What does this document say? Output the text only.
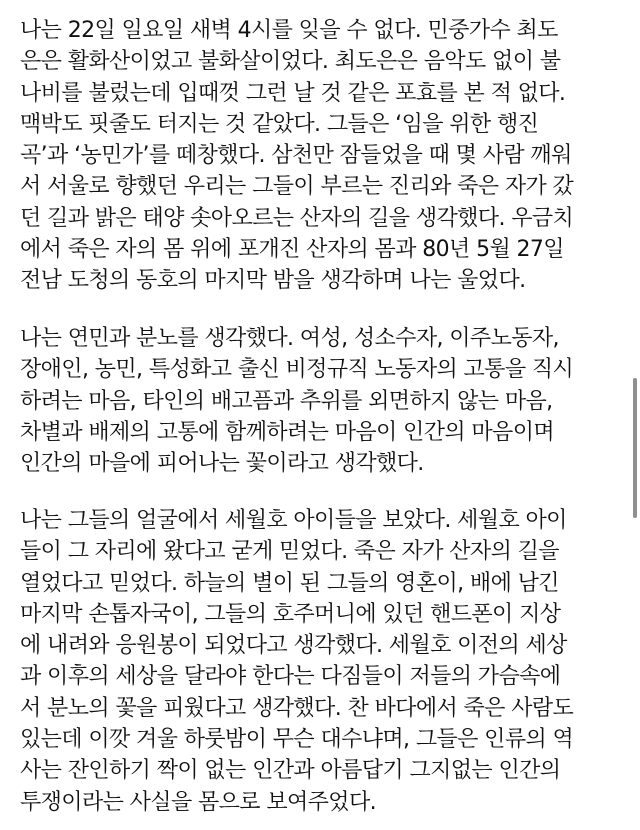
나는 22일 일요일 새벽 4시를 잊을 수 없다. 민중가수 최도
은은 활화산이었고 불화살이었다. 최도은은 음악도 없이 불
나비를 불렀는데 입때껏 그런 날 것 같은 포효를 본 적 없다.
맥박도 핏줄도 터지는 것 같았다. 그들은 ‘임을 위한 행진
곡’과 ‘농민가’를 떼창했다. 삼천만 잠들었을 때 몇 사람 깨워
서 서울로 향했던 우리는 그들이 부르는 진리와 죽은 자가 갔
던 길과 밝은 태양 솟아오르는 산자의 길을 생각했다. 우금치
에서 죽은 자의 몸 위에 포개진 산자의 몸과 80년 5월 27일
전남 도청의 동호의 마지막 밤을 생각하며 나는 울었다.
나는 연민과 분노를 생각했다. 여성, 성소수자, 이주노동자,
장애인, 농민, 특성화고 출신 비정규직 노동자의 고통을 직시
하려는 마음, 타인의 배고픔과 추위를 외면하지 않는 마음,
차별과 배제의 고통에 함께하려는 마음이 인간의 마음이며
인간의 마을에 피어나는 꽃이라고 생각했다.
나는 그들의 얼굴에서 세월호 아이들을 보았다. 세월호 아이
들이 그 자리에 왔다고 굳게 믿었다. 죽은 자가 산자의 길을
열었다고 믿었다. 하늘의 별이 된 그들의 영혼이, 배에 남긴
마지막 손톱자국이, 그들의 호주머니에 있던 핸드폰이 지상
에 내려와 응원봉이 되었다고 생각했다. 세월호 이전의 세상
과 이후의 세상을 달라야 한다는 다짐들이 저들의 가슴속에
서 분노의 꽃을 피웠다고 생각했다. 찬 바다에서 죽은 사람도
있는데 이깟 겨울 하룻밤이 무슨 대수냐며, 그들은 인류의 역
사는 잔인하기 짝이 없는 인간과 아름답기 그지없는 인간의
투쟁이라는 사실을 몸으로 보여주었다.
